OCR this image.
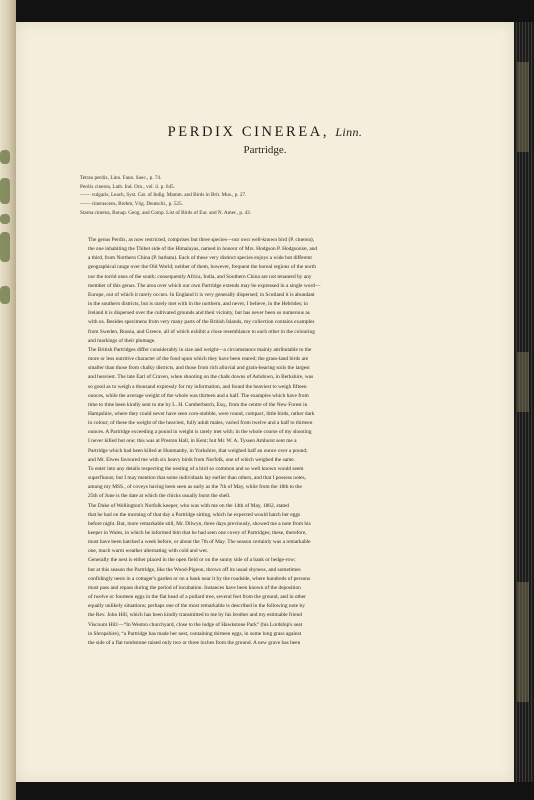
PERDIX CINEREA, Linn.
Partridge.
Tetrao perdix, Linn. Faun. Suec., p. 74.
Perdix cinerea, Lath. Ind. Orn., vol. ii. p. 645.
—— vulgaris, Leach, Syst. Cat. of Indig. Mamm. and Birds in Brit. Mus., p. 27.
—— cinerascens, Brehm, Vög. Deutschl., p. 525.
Starna cinerea, Bonap. Geog. and Comp. List of Birds of Eur. and N. Amer., p. 43.

The genus Perdix, as now restricted, comprises but three species—our own well-known bird (P. cinerea),
the one inhabiting the Thibet side of the Himalayas, named in honour of Mrs. Hodgson P. Hodgsoniæ, and
a third, from Northern China (P. barbata). Each of these very distinct species enjoys a wide but different
geographical range over the Old World; neither of them, however, frequent the boreal regions of the north
nor the torrid ones of the south; consequently Africa, India, and Southern China are not tenanted by any
member of this genus. The area over which our own Partridge extends may be expressed in a single word—
Europe, out of which it rarely occurs. In England it is very generally dispersed; in Scotland it is abundant
in the southern districts, but is rarely met with in the northern, and never, I believe, in the Hebrides; in
Ireland it is dispersed over the cultivated grounds and their vicinity, but has never been so numerous as
with us. Besides specimens from very many parts of the British Islands, my collection contains examples
from Sweden, Russia, and Greece, all of which exhibit a close resemblance to each other in the colouring
and markings of their plumage.

The British Partridges differ considerably in size and weight—a circumstance mainly attributable to the
more or less nutritive character of the food upon which they have been reared; the grass-land birds are
smaller than those from chalky districts, and those from rich alluvial and grain-bearing soils the largest
and heaviest. The late Earl of Craven, when shooting on the chalk downs of Ashdown, in Berkshire, was
so good as to weigh a thousand expressly for my information, and found the heaviest to weigh fifteen
ounces, while the average weight of the whole was thirteen and a half. The examples which have from
time to time been kindly sent to me by L. H. Cumberbatch, Esq., from the centre of the New Forest in
Hampshire, where they could never have seen corn-stubble, were round, compact, little birds, rather dark
in colour; of these the weight of the heaviest, fully adult males, varied from twelve and a half to thirteen
ounces. A Partridge exceeding a pound in weight is rarely met with; in the whole course of my shooting
I never killed but one; this was at Preston Hall, in Kent; but Mr. W. A. Tyssen Amhurst sent me a
Partridge which had been killed at Hunmanby, in Yorkshire, that weighed half an ounce over a pound;
and Mr. Elwes favoured me with six heavy birds from Norfolk, one of which weighed the same.

To enter into any details respecting the nesting of a bird so common and so well known would seem
superfluous; but I may mention that some individuals lay earlier than others, and that I possess notes,
among my MSS., of coveys having been seen as early as the 7th of May, while from the 18th to the
25th of June is the date at which the chicks usually burst the shell.

The Duke of Wellington's Norfolk keeper, who was with me on the 14th of May, 1862, stated
that he had on the morning of that day a Partridge sitting, which he expected would hatch her eggs
before night. But, more remarkable still, Mr. Dilwyn, three days previously, showed me a note from his
keeper in Wales, in which he informed him that he had seen one covey of Partridges; these, therefore,
must have been hatched a week before, or about the 7th of May. The season certainly was a remarkable
one, much warm weather alternating with cold and wet.

Generally the nest is either placed in the open field or on the sunny side of a bank or hedge-row;
but at this season the Partridge, like the Wood-Pigeon, throws off its usual shyness, and sometimes
confidingly nests in a cottager's garden or on a bank near it by the roadside, where hundreds of persons
must pass and repass during the period of incubation. Instances have been known of the deposition
of twelve or fourteen eggs in the flat head of a pollard tree, several feet from the ground, and in other
equally unlikely situations; perhaps one of the most remarkable is described in the following note by
the Rev. John Hill, which has been kindly transmitted to me by his brother and my estimable friend
Viscount Hill:—“In Weston churchyard, close to the lodge of Hawkstone Park” (his Lordship's seat
in Shropshire), “a Partridge has made her nest, containing thirteen eggs, in some long grass against
the side of a flat tombstone raised only two or three inches from the ground. A new grave has been
